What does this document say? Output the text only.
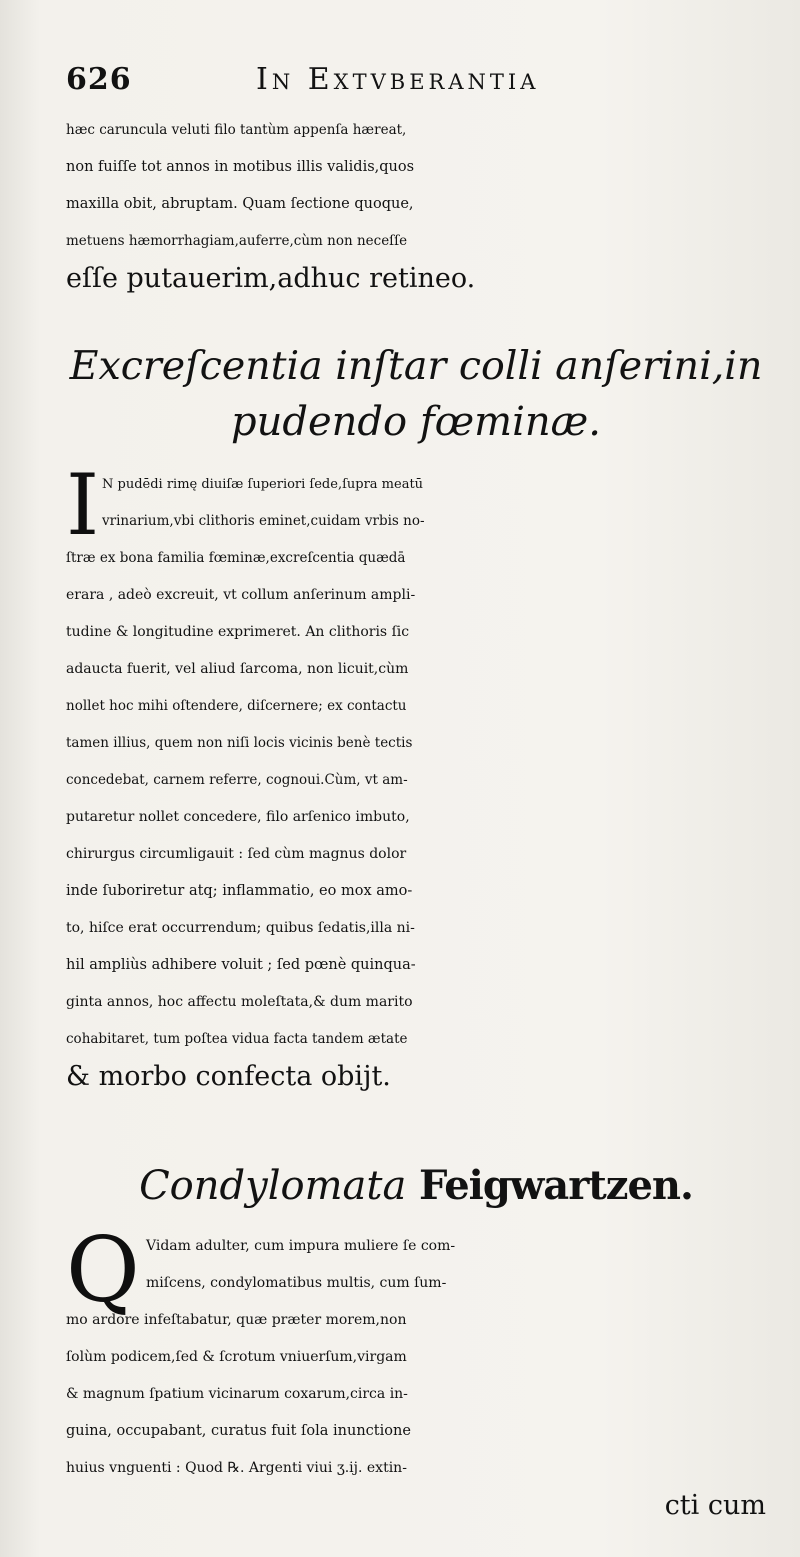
626	In Extvberantia
hæc caruncula veluti filo tantùm appenſa hæreat,
non fuiſſe tot annos in motibus illis validis,quos
maxilla obit, abruptam. Quam ſectione quoque,
metuens hæmorrhagiam,auferre,cùm non neceſſe
eſſe putauerim,adhuc retineo.
Excreſcentia inſtar colli anſerini,in
pudendo fœminæ.
I N pudēdi rimę diuiſæ ſuperiori ſede,ſupra meatū
vrinarium,vbi clithoris eminet,cuidam vrbis no-
ſtræ ex bona familia fœminæ,excreſcentia quædā
erara , adeò excreuit, vt collum anſerinum ampli-
tudine & longitudine exprimeret. An clithoris ſic
adaucta fuerit, vel aliud ſarcoma, non licuit,cùm
nollet hoc mihi oſtendere, diſcernere; ex contactu
tamen illius, quem non niſi locis vicinis benè tectis
concedebat, carnem referre, cognoui.Cùm, vt am-
putaretur nollet concedere, filo arſenico imbuto,
chirurgus circumligauit : ſed cùm magnus dolor
inde ſuboriretur atq; inflammatio, eo mox amo-
to, hiſce erat occurrendum; quibus ſedatis,illa ni-
hil ampliùs adhibere voluit ; ſed pœnè quinqua-
ginta annos, hoc affectu moleſtata,& dum marito
cohabitaret, tum poſtea vidua facta tandem ætate
& morbo confecta obijt.
Condylomata Feigwartzen.
Q Vidam adulter, cum impura muliere ſe com-
miſcens, condylomatibus multis, cum ſum-
mo ardore infeſtabatur, quæ præter morem,non
ſolùm podicem,ſed & ſcrotum vniuerſum,virgam
& magnum ſpatium vicinarum coxarum,circa in-
guina, occupabant, curatus fuit ſola inunctione
huius vnguenti : Quod ℞. Argenti viui ʒ.ij. extin-
cti cum
